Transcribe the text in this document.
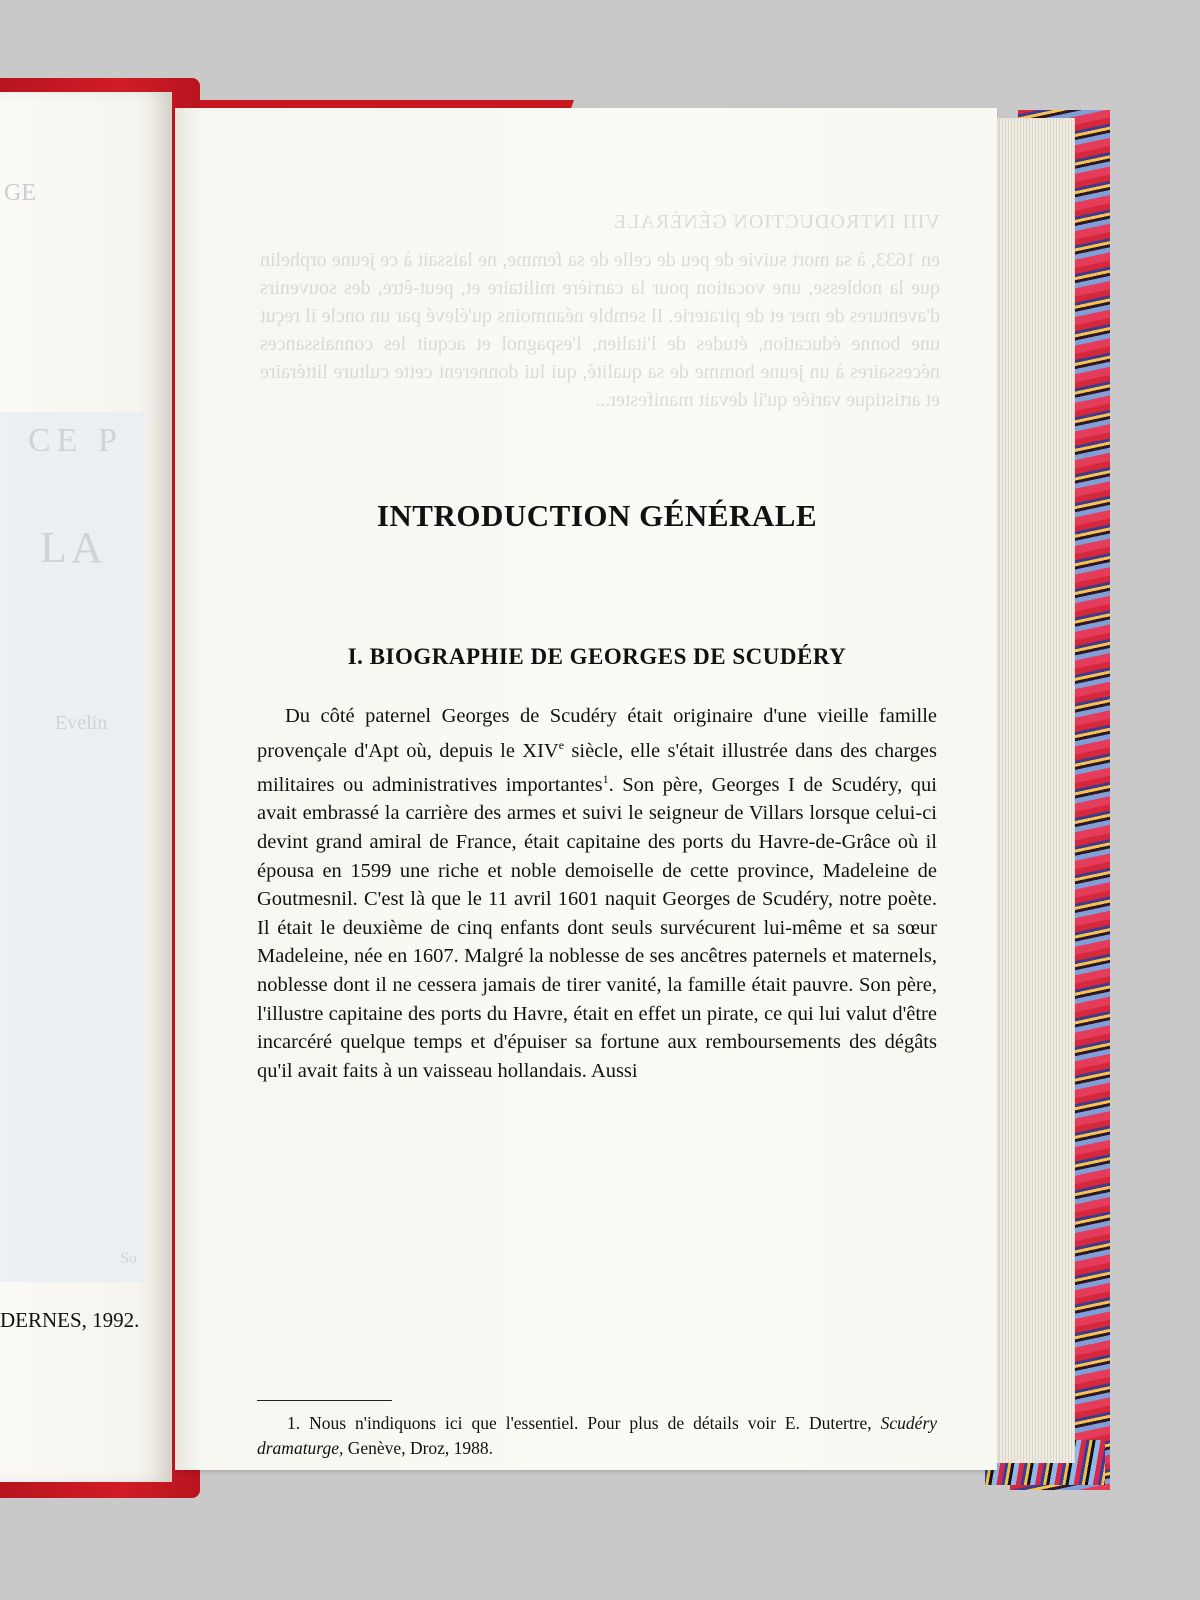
GE
CE P
LA
Evelin
So
DERNES, 1992.
VIII INTRODUCTION GÉNÉRALE
en 1633, à sa mort suivie de peu de celle de sa femme, ne laissait à ce jeune orphelin que la noblesse, une vocation pour la carrière militaire et, peut-être, des souvenirs d'aventures de mer et de piraterie. Il semble néanmoins qu'élevé par un oncle il reçut une bonne éducation, études de l'italien, l'espagnol et acquit les connaissances nécessaires à un jeune homme de sa qualité, qui lui donnerent cette culture littéraire et artistique variée qu'il devait manifester...
INTRODUCTION GÉNÉRALE
I. BIOGRAPHIE DE GEORGES DE SCUDÉRY

Du côté paternel Georges de Scudéry était originaire d'une vieille famille provençale d'Apt où, depuis le XIVe siècle, elle s'était illustrée dans des charges militaires ou administratives importantes$^1$. Son père, Georges I de Scudéry, qui avait embrassé la carrière des armes et suivi le seigneur de Villars lorsque celui-ci devint grand amiral de France, était capitaine des ports du Havre-de-Grâce où il épousa en 1599 une riche et noble demoiselle de cette province, Madeleine de Goutmesnil. C'est là que le 11 avril 1601 naquit Georges de Scudéry, notre poète. Il était le deuxième de cinq enfants dont seuls survécurent lui-même et sa sœur Madeleine, née en 1607. Malgré la noblesse de ses ancêtres paternels et maternels, noblesse dont il ne cessera jamais de tirer vanité, la famille était pauvre. Son père, l'illustre capitaine des ports du Havre, était en effet un pirate, ce qui lui valut d'être incarcéré quelque temps et d'épuiser sa fortune aux remboursements des dégâts qu'il avait faits à un vaisseau hollandais. Aussi

1. Nous n'indiquons ici que l'essentiel. Pour plus de détails voir E. Dutertre, Scudéry dramaturge, Genève, Droz, 1988.
